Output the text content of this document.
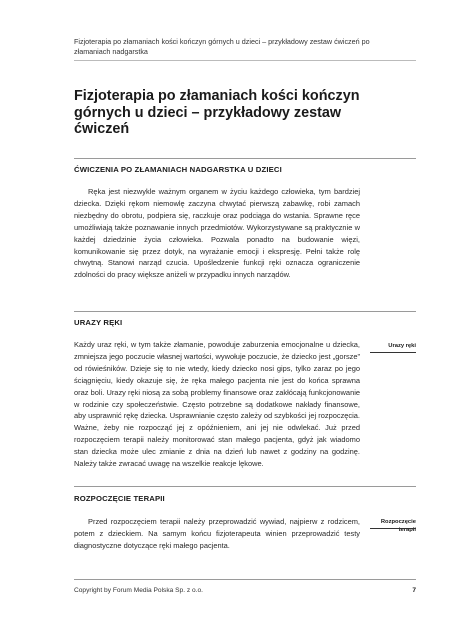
Fizjoterapia po złamaniach kości kończyn górnych u dzieci – przykładowy zestaw ćwiczeń po złamaniach nadgarstka
Fizjoterapia po złamaniach kości kończyn górnych u dzieci – przykładowy zestaw ćwiczeń
ĆWICZENIA PO ZŁAMANIACH NADGARSTKA U DZIECI

Ręka jest niezwykle ważnym organem w życiu każdego człowieka, tym bardziej dziecka. Dzięki rękom niemowlę zaczyna chwytać pierwszą zabawkę, robi zamach niezbędny do obrotu, podpiera się, raczkuje oraz podciąga do wstania. Sprawne ręce umożliwiają także poznawanie innych przedmiotów. Wykorzystywane są praktycznie w każdej dziedzinie życia człowieka. Pozwala ponadto na budowanie więzi, komunikowanie się przez dotyk, na wyrażanie emocji i ekspresję. Pełni także rolę chwytną. Stanowi narząd czucia. Upośledzenie funkcji ręki oznacza ograniczenie zdolności do pracy większe aniżeli w przypadku innych narządów.

URAZY RĘKI
Urazy ręki

Każdy uraz ręki, w tym także złamanie, powoduje zaburzenia emocjonalne u dziecka, zmniejsza jego poczucie własnej wartości, wywołuje poczucie, że dziecko jest „gorsze” od rówieśników. Dzieje się to nie wtedy, kiedy dziecko nosi gips, tylko zaraz po jego ściągnięciu, kiedy okazuje się, że ręka małego pacjenta nie jest do końca sprawna oraz boli. Urazy ręki niosą za sobą problemy finansowe oraz zakłócają funkcjonowanie w rodzinie czy społeczeństwie. Często potrzebne są dodatkowe nakłady finansowe, aby usprawnić rękę dziecka. Usprawnianie często zależy od szybkości jej rozpoczęcia. Ważne, żeby nie rozpocząć jej z opóźnieniem, ani jej nie odwlekać. Już przed rozpoczęciem terapii należy monitorować stan małego pacjenta, gdyż jak wiadomo stan dziecka może ulec zmianie z dnia na dzień lub nawet z godziny na godzinę. Należy także zwracać uwagę na wszelkie reakcje lękowe.

ROZPOCZĘCIE TERAPII
Rozpoczęcie terapii

Przed rozpoczęciem terapii należy przeprowadzić wywiad, najpierw z rodzicem, potem z dzieckiem. Na samym końcu fizjoterapeuta winien przeprowadzić testy diagnostyczne dotyczące ręki małego pacjenta.

Copyright by Forum Media Polska Sp. z o.o.	7
